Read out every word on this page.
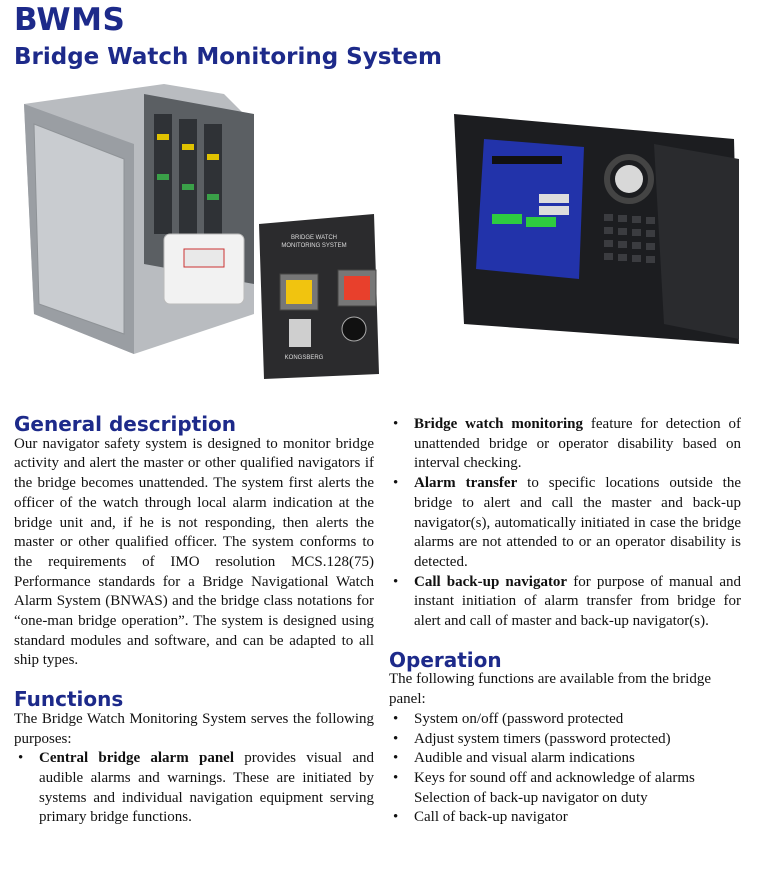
BWMS
Bridge Watch Monitoring System
BRIDGE WATCH
MONITORING SYSTEM
KONGSBERG
General description

Our navigator safety system is designed to monitor bridge activity and alert the master or other qualified navigators if the bridge becomes unattended. The system first alerts the officer of the watch through local alarm indication at the bridge unit and, if he is not responding, then alerts the master or other qualified officer. The system conforms to the requirements of IMO resolution MCS.128(75) Performance standards for a Bridge Navigational Watch Alarm System (BNWAS) and the bridge class notations for “one-man bridge operation”. The system is designed using standard modules and software, and can be adapted to all ship types.

Functions

The Bridge Watch Monitoring System serves the following purposes:

• Central bridge alarm panel provides visual and audible alarms and warnings. These are initiated by systems and individual navigation equipment serving primary bridge functions.
• Bridge watch monitoring feature for detection of unattended bridge or operator disability based on interval checking.
• Alarm transfer to specific locations outside the bridge to alert and call the master and back-up navigator(s), automatically initiated in case the bridge alarms are not attended to or an operator disability is detected.
• Call back-up navigator for purpose of manual and instant initiation of alarm transfer from bridge for alert and call of master and back-up navigator(s).
Operation

The following functions are available from the bridge panel:

• System on/off (password protected
• Adjust system timers (password protected)
• Audible and visual alarm indications
• Keys for sound off and acknowledge of alarms
Selection of back-up navigator on duty
• Call of back-up navigator
